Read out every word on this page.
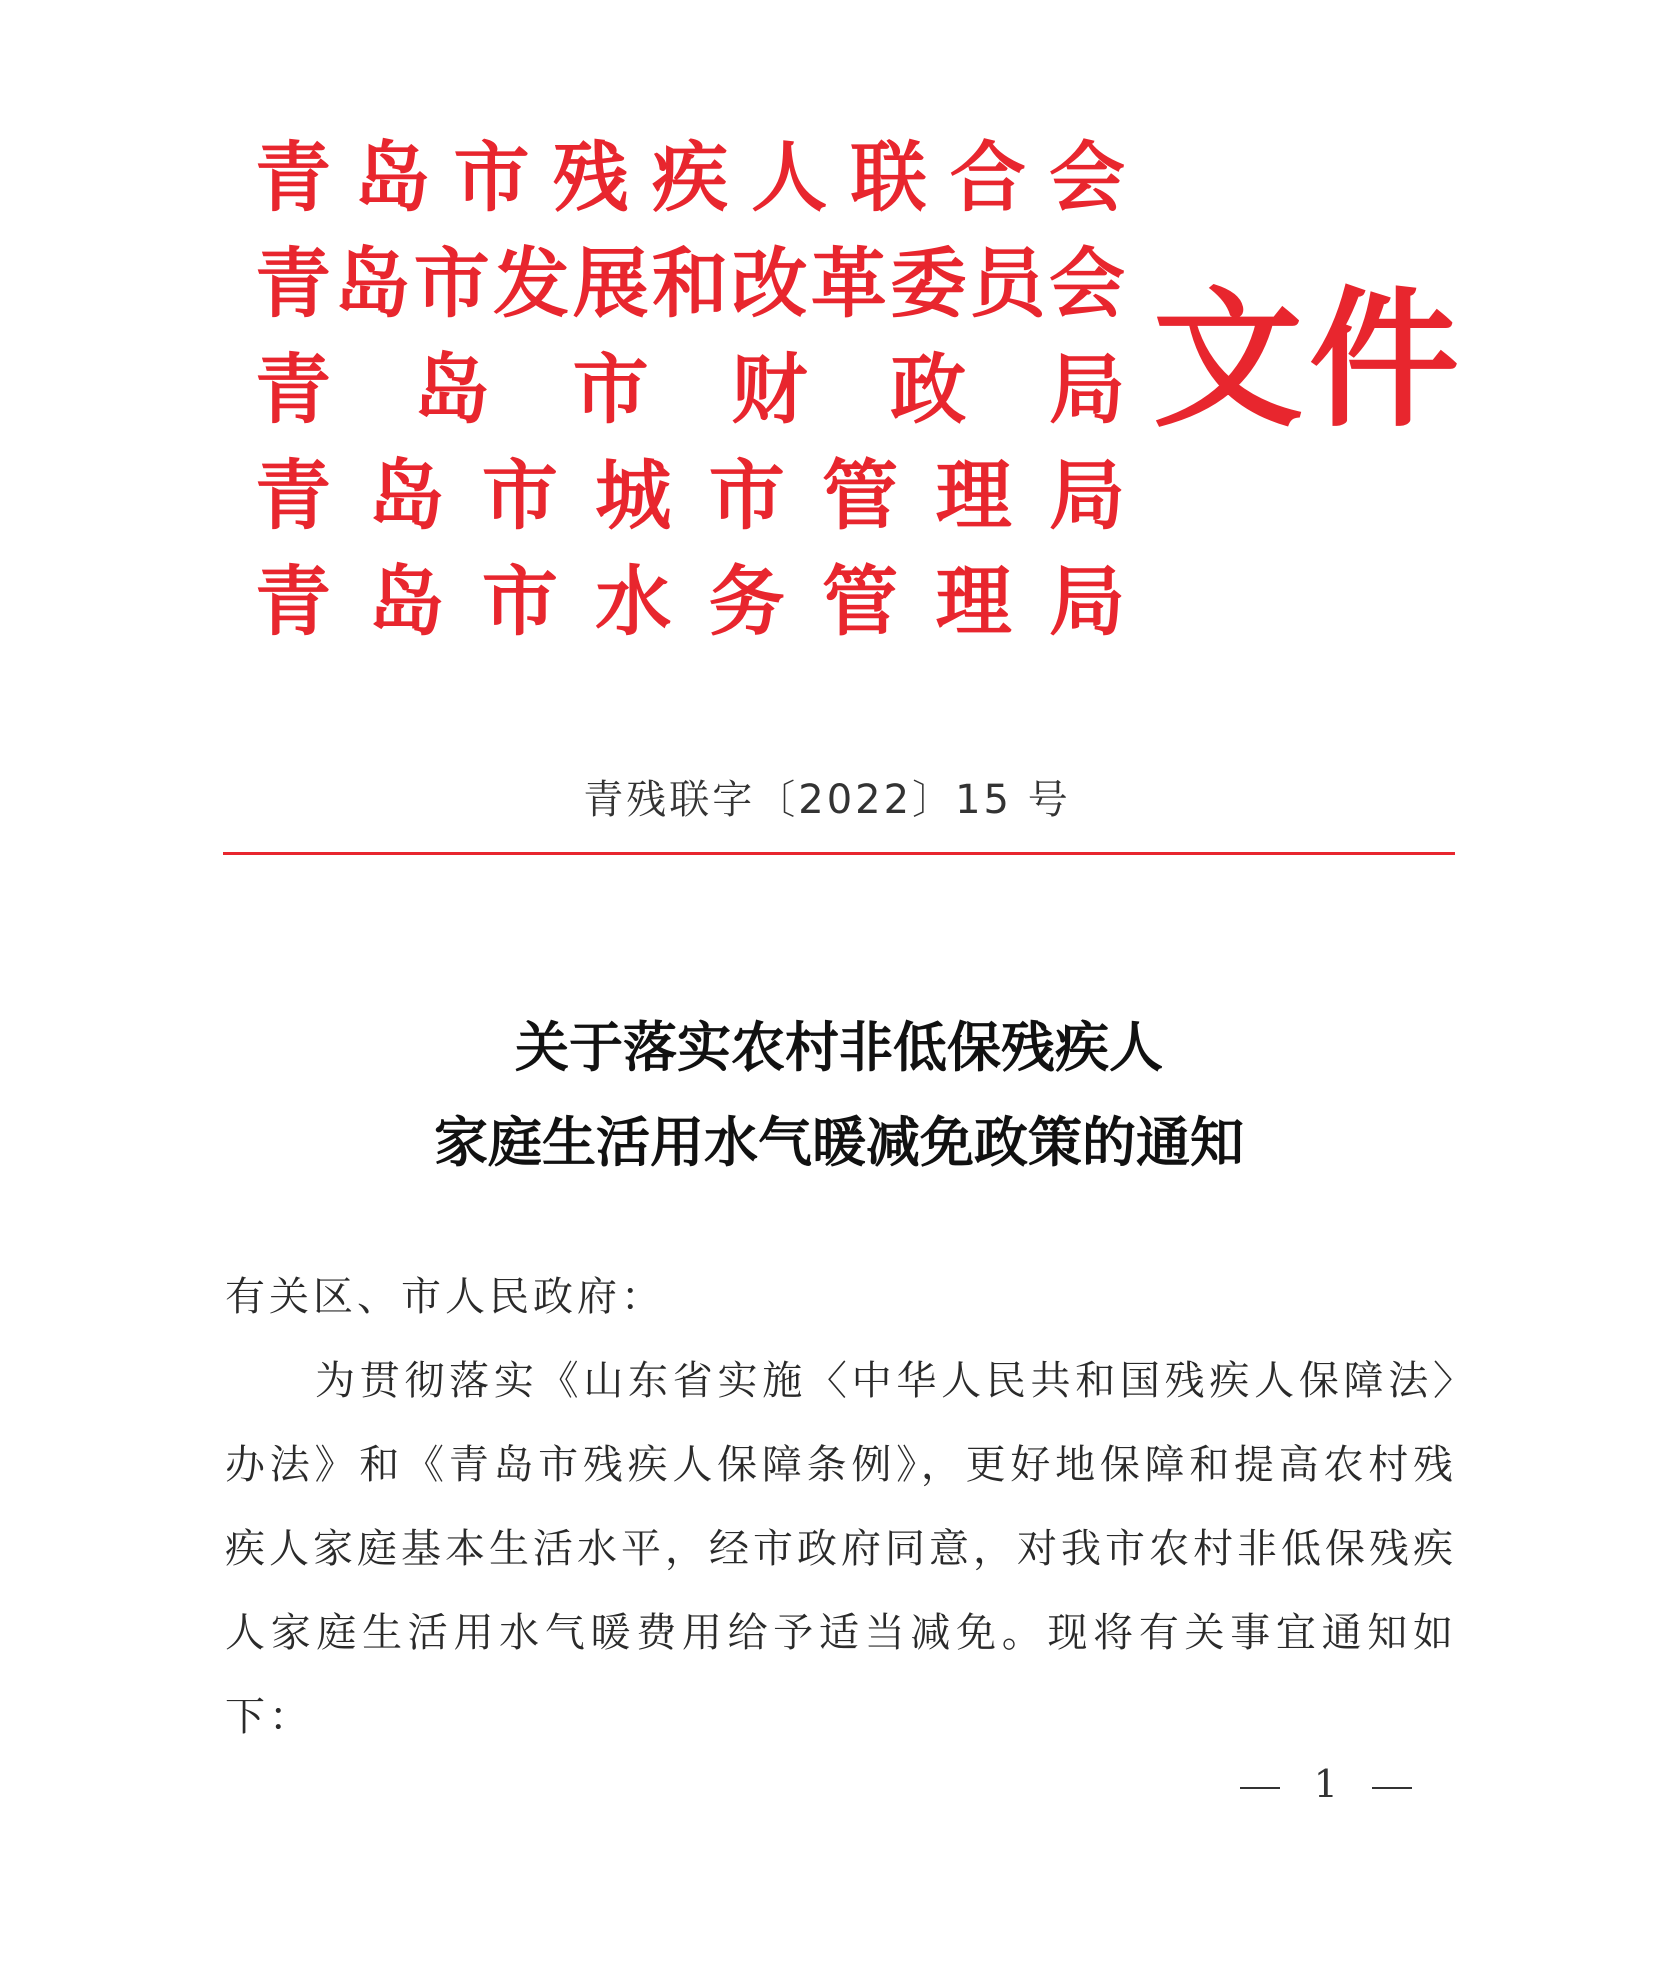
青岛市残疾人联合会
青岛市发展和改革委员会
青岛市财政局
青岛市城市管理局
青岛市水务管理局
文件
青残联字〔2022〕15 号
关于落实农村非低保残疾人
家庭生活用水气暖减免政策的通知
有关区、市人民政府：
为贯彻落实《山东省实施〈中华人民共和国残疾人保障法〉办法》和《青岛市残疾人保障条例》，更好地保障和提高农村残疾人家庭基本生活水平，经市政府同意，对我市农村非低保残疾人家庭生活用水气暖费用给予适当减免。现将有关事宜通知如下：
1
